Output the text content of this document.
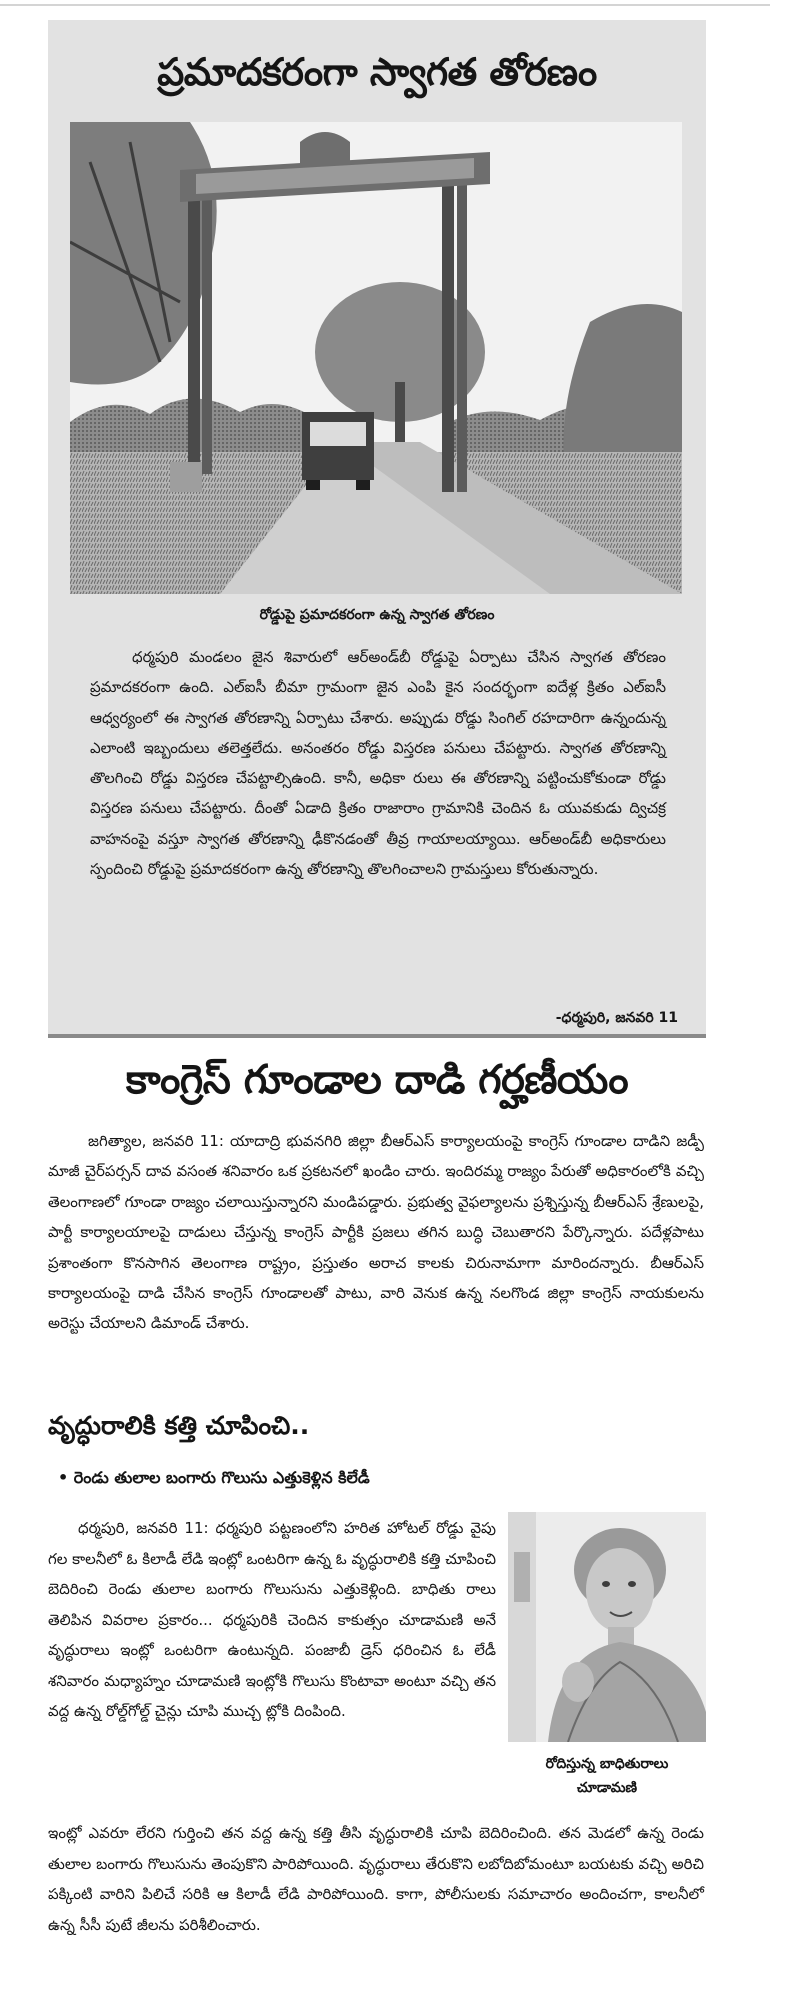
ప్రమాదకరంగా స్వాగత తోరణం
రోడ్డుపై ప్రమాదకరంగా ఉన్న స్వాగత తోరణం

ధర్మపురి మండలం జైన శివారులో ఆర్‌అండ్‌బీ రోడ్డుపై ఏర్పాటు చేసిన స్వాగత తోరణం ప్రమాదకరంగా ఉంది. ఎల్‌ఐసీ బీమా గ్రామంగా జైన ఎంపి కైన సందర్భంగా ఐదేళ్ల క్రితం ఎల్‌ఐసీ ఆధ్వర్యంలో ఈ స్వాగత తోరణాన్ని ఏర్పాటు చేశారు. అప్పుడు రోడ్డు సింగిల్ రహదారిగా ఉన్నందున్న ఎలాంటి ఇబ్బందులు తలెత్తలేదు. అనంతరం రోడ్డు విస్తరణ పనులు చేపట్టారు. స్వాగత తోరణాన్ని తొలగించి రోడ్డు విస్తరణ చేపట్టాల్సిఉంది. కానీ, అధికా రులు ఈ తోరణాన్ని పట్టించుకోకుండా రోడ్డు విస్తరణ పనులు చేపట్టారు. దీంతో ఏడాది క్రితం రాజారాం గ్రామానికి చెందిన ఓ యువకుడు ద్విచక్ర వాహనంపై వస్తూ స్వాగత తోరణాన్ని ఢీకొనడంతో తీవ్ర గాయాలయ్యాయి. ఆర్‌అండ్‌బీ అధికారులు స్పందించి రోడ్డుపై ప్రమాదకరంగా ఉన్న తోరణాన్ని తొలగించాలని గ్రామస్తులు కోరుతున్నారు.

-ధర్మపురి, జనవరి 11
కాంగ్రెస్ గూండాల దాడి గర్హణీయం

జగిత్యాల, జనవరి 11: యాదాద్రి భువనగిరి జిల్లా బీఆర్ఎస్ కార్యాలయంపై కాంగ్రెస్ గూండాల దాడిని జడ్పీ మాజీ చైర్‌పర్సన్ దావ వసంత శనివారం ఒక ప్రకటనలో ఖండిం చారు. ఇందిరమ్మ రాజ్యం పేరుతో అధికారంలోకి వచ్చి తెలంగాణలో గూండా రాజ్యం చలాయిస్తున్నారని మండిపడ్డారు. ప్రభుత్వ వైఫల్యాలను ప్రశ్నిస్తున్న బీఆర్ఎస్ శ్రేణులపై, పార్టీ కార్యాలయాలపై దాడులు చేస్తున్న కాంగ్రెస్ పార్టీకి ప్రజలు తగిన బుద్ధి చెబుతారని పేర్కొన్నారు. పదేళ్లపాటు ప్రశాంతంగా కొనసాగిన తెలంగాణ రాష్ట్రం, ప్రస్తుతం అరాచ కాలకు చిరునామాగా మారిందన్నారు. బీఆర్ఎస్ కార్యాలయంపై దాడి చేసిన కాంగ్రెస్ గూండాలతో పాటు, వారి వెనుక ఉన్న నలగొండ జిల్లా కాంగ్రెస్ నాయకులను అరెస్టు చేయాలని డిమాండ్ చేశారు.

వృద్ధురాలికి కత్తి చూపించి..
• రెండు తులాల బంగారు గొలుసు ఎత్తుకెళ్లిన కిలేడీ

ధర్మపురి, జనవరి 11: ధర్మపురి పట్టణంలోని హరిత హోటల్ రోడ్డు వైపు గల కాలనీలో ఓ కిలాడీ లేడి ఇంట్లో ఒంటరిగా ఉన్న ఓ వృద్ధురాలికి కత్తి చూపించి బెదిరించి రెండు తులాల బంగారు గొలుసును ఎత్తుకెళ్లింది. బాధితు రాలు తెలిపిన వివరాల ప్రకారం... ధర్మపురికి చెందిన కాకుత్సం చూడామణి అనే వృద్ధురాలు ఇంట్లో ఒంటరిగా ఉంటున్నది. పంజాబీ డ్రెస్ ధరించిన ఓ లేడీ శనివారం మధ్యాహ్నం చూడామణి ఇంట్లోకి గొలుసు కొంటావా అంటూ వచ్చి తన వద్ద ఉన్న రోల్డ్‌గోల్డ్ చైన్లు చూపి ముచ్చ ట్లోకి దింపింది.

రోదిస్తున్న బాధితురాలు
చూడామణి

ఇంట్లో ఎవరూ లేరని గుర్తించి తన వద్ద ఉన్న కత్తి తీసి వృద్ధురాలికి చూపి బెదిరించింది. తన మెడలో ఉన్న రెండు తులాల బంగారు గొలుసును తెంపుకొని పారిపోయింది. వృద్ధురాలు తేరుకొని లబోదిబోమంటూ బయటకు వచ్చి అరిచి పక్కింటి వారిని పిలిచే సరికి ఆ కిలాడీ లేడి పారిపోయింది. కాగా, పోలీసులకు సమాచారం అందించగా, కాలనీలో ఉన్న సీసీ పుటే జీలను పరిశీలించారు.
